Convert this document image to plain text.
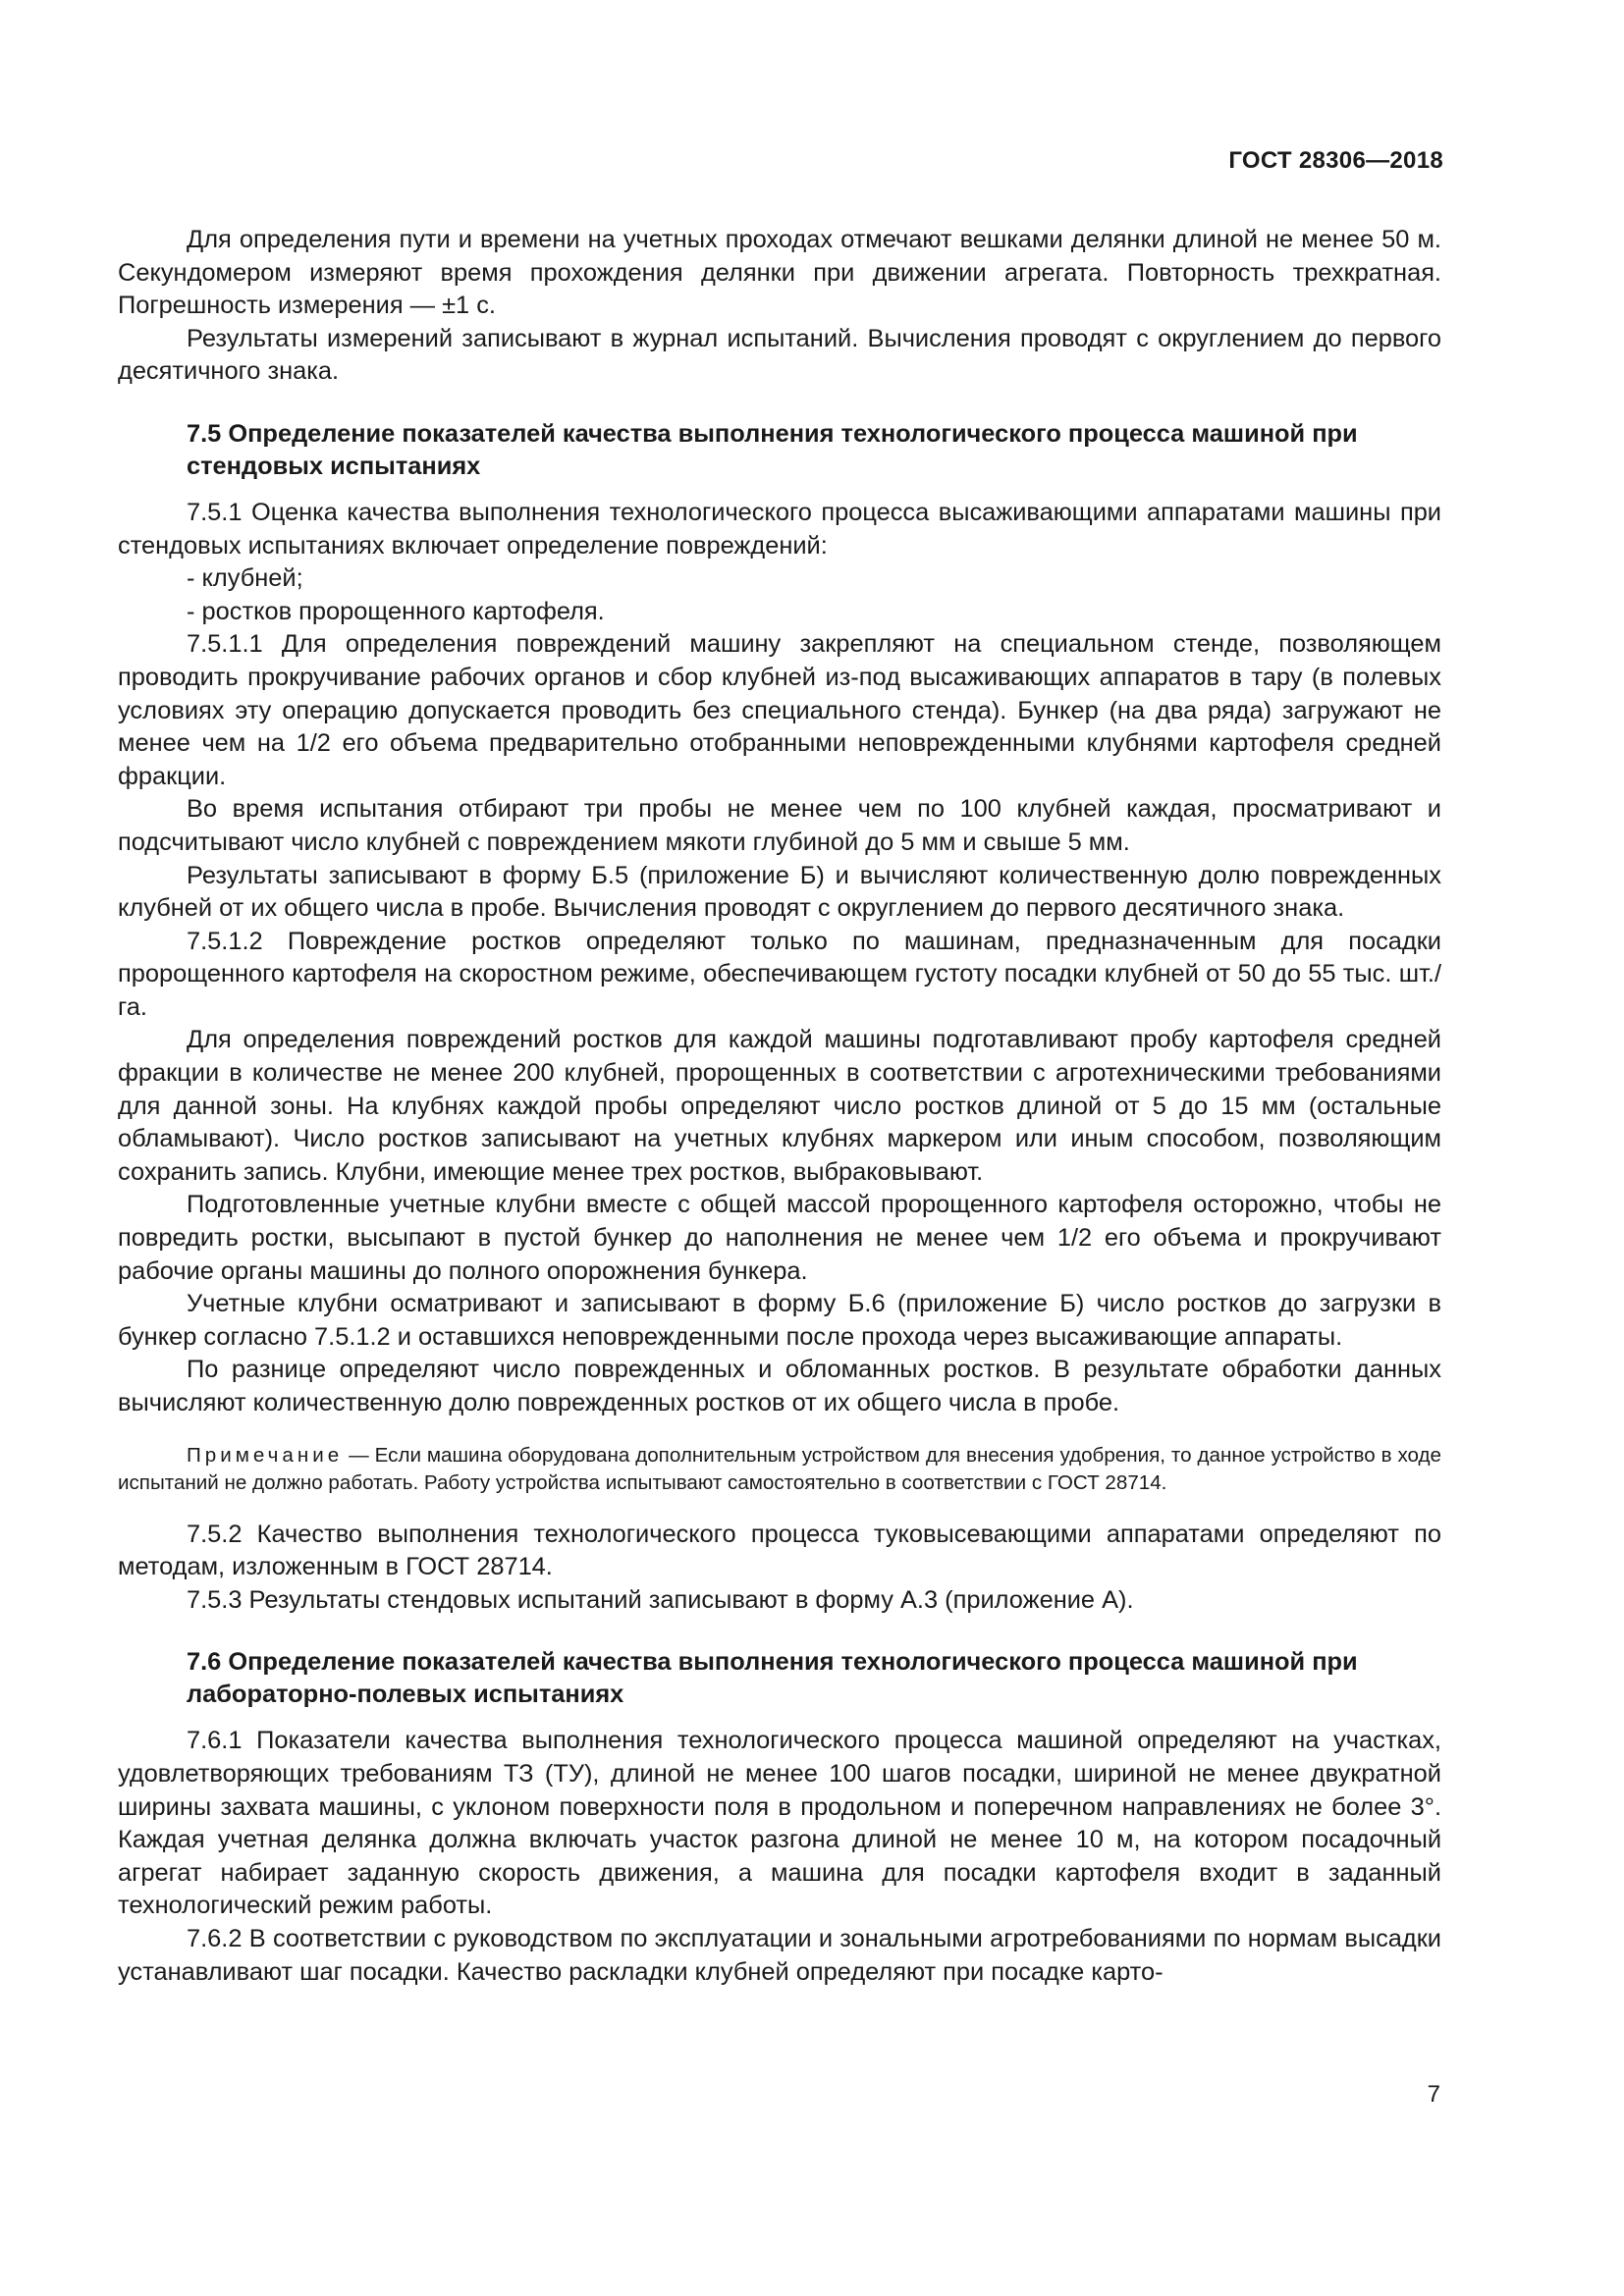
ГОСТ 28306—2018

Для определения пути и времени на учетных проходах отмечают вешками делянки длиной не менее 50 м. Секундомером измеряют время прохождения делянки при движении агрегата. Повторность трехкратная. Погрешность измерения — ±1 с.

Результаты измерений записывают в журнал испытаний. Вычисления проводят с округлением до первого десятичного знака.

7.5 Определение показателей качества выполнения технологического процесса машиной при стендовых испытаниях

7.5.1 Оценка качества выполнения технологического процесса высаживающими аппаратами машины при стендовых испытаниях включает определение повреждений:

- клубней;

- ростков пророщенного картофеля.

7.5.1.1 Для определения повреждений машину закрепляют на специальном стенде, позволяющем проводить прокручивание рабочих органов и сбор клубней из-под высаживающих аппаратов в тару (в полевых условиях эту операцию допускается проводить без специального стенда). Бункер (на два ряда) загружают не менее чем на 1/2 его объема предварительно отобранными неповрежденными клубнями картофеля средней фракции.

Во время испытания отбирают три пробы не менее чем по 100 клубней каждая, просматривают и подсчитывают число клубней с повреждением мякоти глубиной до 5 мм и свыше 5 мм.

Результаты записывают в форму Б.5 (приложение Б) и вычисляют количественную долю поврежденных клубней от их общего числа в пробе. Вычисления проводят с округлением до первого десятичного знака.

7.5.1.2 Повреждение ростков определяют только по машинам, предназначенным для посадки пророщенного картофеля на скоростном режиме, обеспечивающем густоту посадки клубней от 50 до 55 тыс. шт./га.

Для определения повреждений ростков для каждой машины подготавливают пробу картофеля средней фракции в количестве не менее 200 клубней, пророщенных в соответствии с агротехническими требованиями для данной зоны. На клубнях каждой пробы определяют число ростков длиной от 5 до 15 мм (остальные обламывают). Число ростков записывают на учетных клубнях маркером или иным способом, позволяющим сохранить запись. Клубни, имеющие менее трех ростков, выбраковывают.

Подготовленные учетные клубни вместе с общей массой пророщенного картофеля осторожно, чтобы не повредить ростки, высыпают в пустой бункер до наполнения не менее чем 1/2 его объема и прокручивают рабочие органы машины до полного опорожнения бункера.

Учетные клубни осматривают и записывают в форму Б.6 (приложение Б) число ростков до загрузки в бункер согласно 7.5.1.2 и оставшихся неповрежденными после прохода через высаживающие аппараты.

По разнице определяют число поврежденных и обломанных ростков. В результате обработки данных вычисляют количественную долю поврежденных ростков от их общего числа в пробе.

Примечание — Если машина оборудована дополнительным устройством для внесения удобрения, то данное устройство в ходе испытаний не должно работать. Работу устройства испытывают самостоятельно в соответствии с ГОСТ 28714.

7.5.2 Качество выполнения технологического процесса туковысевающими аппаратами определяют по методам, изложенным в ГОСТ 28714.

7.5.3 Результаты стендовых испытаний записывают в форму А.3 (приложение А).

7.6 Определение показателей качества выполнения технологического процесса машиной при лабораторно-полевых испытаниях

7.6.1 Показатели качества выполнения технологического процесса машиной определяют на участках, удовлетворяющих требованиям ТЗ (ТУ), длиной не менее 100 шагов посадки, шириной не менее двукратной ширины захвата машины, с уклоном поверхности поля в продольном и поперечном направлениях не более 3°. Каждая учетная делянка должна включать участок разгона длиной не менее 10 м, на котором посадочный агрегат набирает заданную скорость движения, а машина для посадки картофеля входит в заданный технологический режим работы.

7.6.2 В соответствии с руководством по эксплуатации и зональными агротребованиями по нормам высадки устанавливают шаг посадки. Качество раскладки клубней определяют при посадке карто-

7
